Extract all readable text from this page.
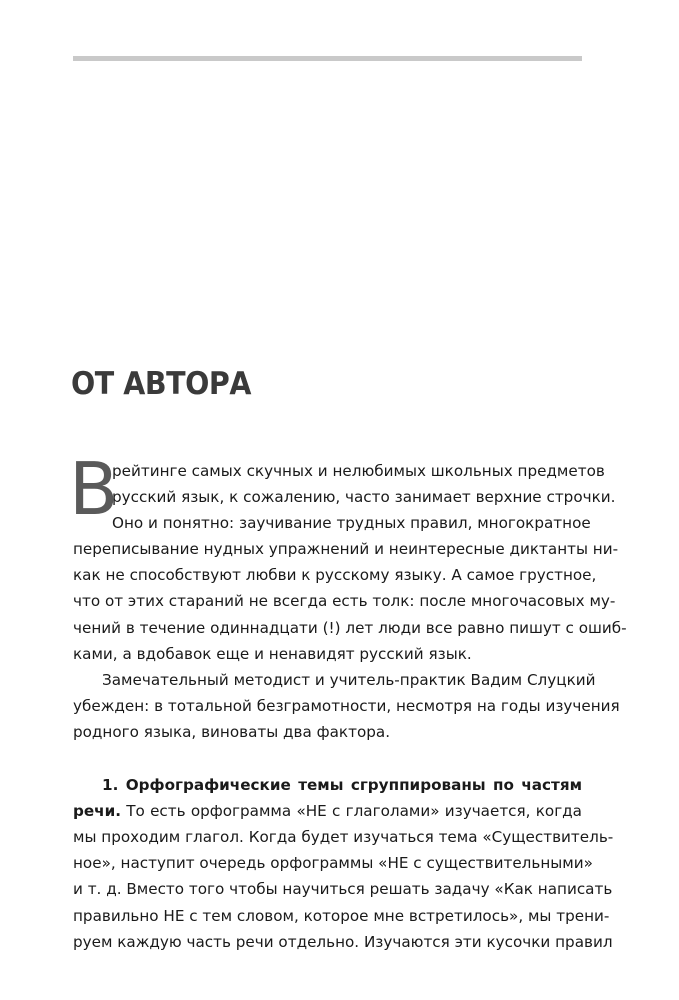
ОТ АВТОРА
В
рейтинге самых скучных и нелюбимых школьных предметов
русский язык, к сожалению, часто занимает верхние строчки.
Оно и понятно: заучивание трудных правил, многократное
переписывание нудных упражнений и неинтересные диктанты ни-
как не способствуют любви к русскому языку. А самое грустное,
что от этих стараний не всегда есть толк: после многочасовых му-
чений в течение одиннадцати (!) лет люди все равно пишут с ошиб-
ками, а вдобавок еще и ненавидят русский язык.
Замечательный методист и учитель-практик Вадим Слуцкий
убежден: в тотальной безграмотности, несмотря на годы изучения
родного языка, виноваты два фактора.
1. Орфографические темы сгруппированы по частям
речи. То есть орфограмма «НЕ с глаголами» изучается, когда
мы проходим глагол. Когда будет изучаться тема «Существитель-
ное», наступит очередь орфограммы «НЕ с существительными»
и т. д. Вместо того чтобы научиться решать задачу «Как написать
правильно НЕ с тем словом, которое мне встретилось», мы трени-
руем каждую часть речи отдельно. Изучаются эти кусочки правил
